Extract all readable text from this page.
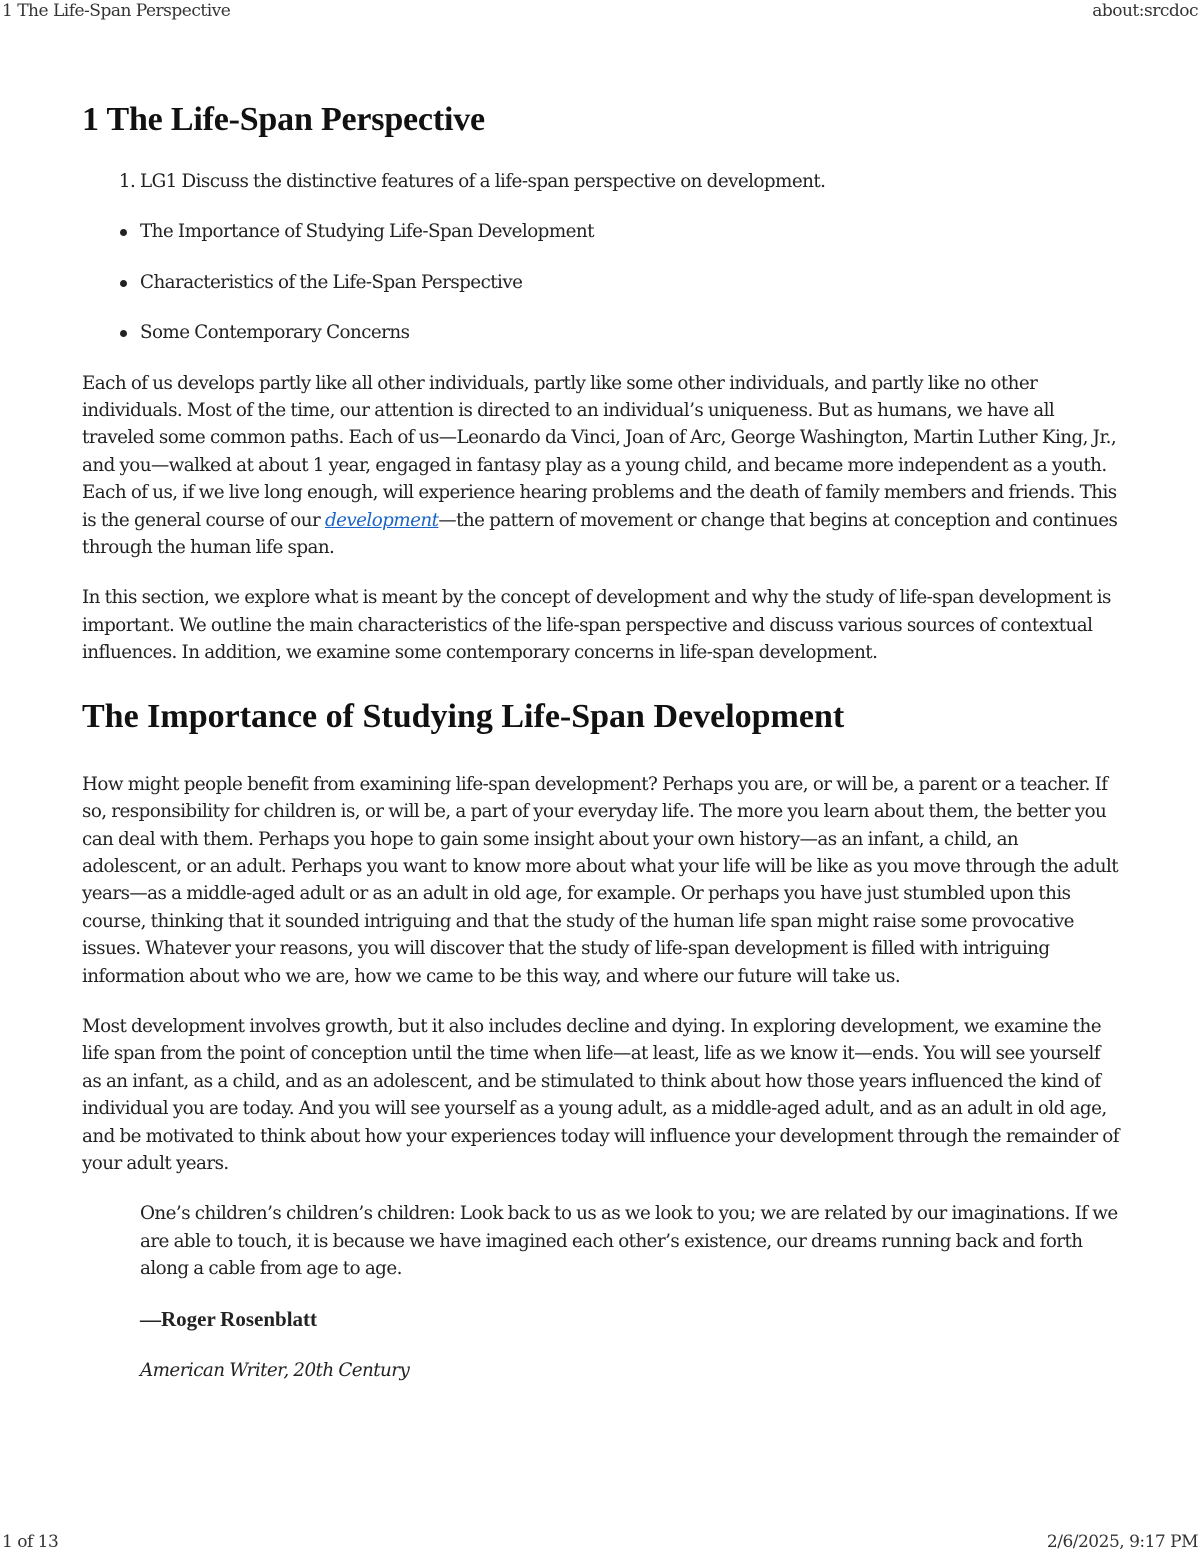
1 The Life-Span Perspective	about:srcdoc
1 The Life-Span Perspective
1. LG1 Discuss the distinctive features of a life-span perspective on development.
The Importance of Studying Life-Span Development
Characteristics of the Life-Span Perspective
Some Contemporary Concerns

Each of us develops partly like all other individuals, partly like some other individuals, and partly like no other individuals. Most of the time, our attention is directed to an individual’s uniqueness. But as humans, we have all traveled some common paths. Each of us—Leonardo da Vinci, Joan of Arc, George Washington, Martin Luther King, Jr., and you—walked at about 1 year, engaged in fantasy play as a young child, and became more independent as a youth. Each of us, if we live long enough, will experience hearing problems and the death of family members and friends. This is the general course of our development—the pattern of movement or change that begins at conception and continues through the human life span.

In this section, we explore what is meant by the concept of development and why the study of life-span development is important. We outline the main characteristics of the life-span perspective and discuss various sources of contextual influences. In addition, we examine some contemporary concerns in life-span development.

The Importance of Studying Life-Span Development

How might people benefit from examining life-span development? Perhaps you are, or will be, a parent or a teacher. If so, responsibility for children is, or will be, a part of your everyday life. The more you learn about them, the better you can deal with them. Perhaps you hope to gain some insight about your own history—as an infant, a child, an adolescent, or an adult. Perhaps you want to know more about what your life will be like as you move through the adult years—as a middle-aged adult or as an adult in old age, for example. Or perhaps you have just stumbled upon this course, thinking that it sounded intriguing and that the study of the human life span might raise some provocative issues. Whatever your reasons, you will discover that the study of life-span development is filled with intriguing information about who we are, how we came to be this way, and where our future will take us.

Most development involves growth, but it also includes decline and dying. In exploring development, we examine the life span from the point of conception until the time when life—at least, life as we know it—ends. You will see yourself as an infant, as a child, and as an adolescent, and be stimulated to think about how those years influenced the kind of individual you are today. And you will see yourself as a young adult, as a middle-aged adult, and as an adult in old age, and be motivated to think about how your experiences today will influence your development through the remainder of your adult years.

One’s children’s children’s children: Look back to us as we look to you; we are related by our imaginations. If we are able to touch, it is because we have imagined each other’s existence, our dreams running back and forth along a cable from age to age.

—Roger Rosenblatt

American Writer, 20th Century

1 of 13	2/6/2025, 9:17 PM
